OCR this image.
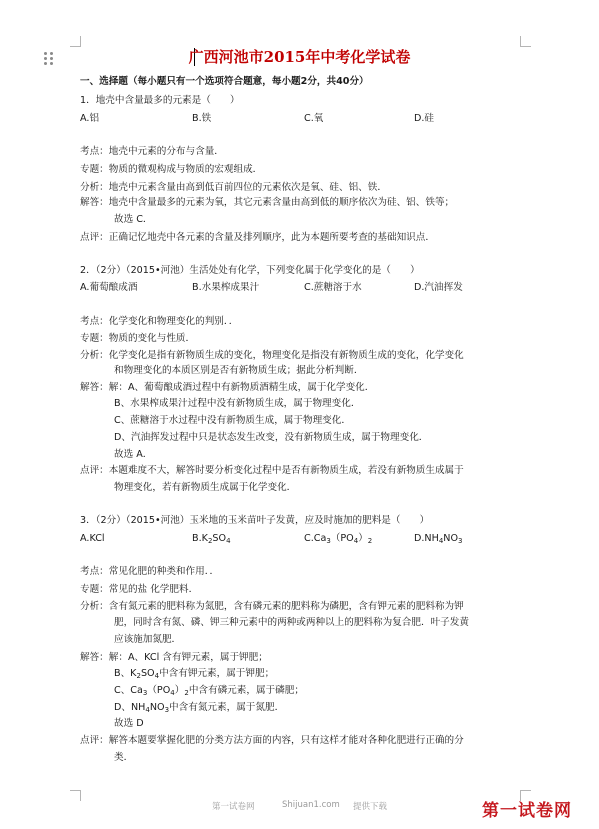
广西河池市2015年中考化学试卷
一、选择题（每小题只有一个选项符合题意，每小题2分，共40分）
1．地壳中含量最多的元素是（　　）
A.铝	B.铁	C.氧	D.硅
考点：地壳中元素的分布与含量．
专题：物质的微观构成与物质的宏观组成．
分析：地壳中元素含量由高到低百前四位的元素依次是氧、硅、铝、铁．
解答：地壳中含量最多的元素为氧，其它元素含量由高到低的顺序依次为硅、铝、铁等；
故选 C．
点评：正确记忆地壳中各元素的含量及排列顺序，此为本题所要考查的基础知识点．
2．（2分）（2015•河池）生活处处有化学，下列变化属于化学变化的是（　　）
A.葡萄酿成酒	B.水果榨成果汁	C.蔗糖溶于水	D.汽油挥发
考点：化学变化和物理变化的判别．．
专题：物质的变化与性质．
分析：化学变化是指有新物质生成的变化，物理变化是指没有新物质生成的变化，化学变化
和物理变化的本质区别是否有新物质生成；据此分析判断．
解答：解：A、葡萄酿成酒过程中有新物质酒精生成，属于化学变化．
B、水果榨成果汁过程中没有新物质生成，属于物理变化．
C、蔗糖溶于水过程中没有新物质生成，属于物理变化．
D、汽油挥发过程中只是状态发生改变，没有新物质生成，属于物理变化．
故选 A．
点评：本题难度不大，解答时要分析变化过程中是否有新物质生成，若没有新物质生成属于
物理变化，若有新物质生成属于化学变化．
3．（2分）（2015•河池）玉米地的玉米苗叶子发黄，应及时施加的肥料是（　　）
A.KCl	$B.K_2SO_4$	$C.Ca_3(PO_4)_2$	$D.NH_4NO_3$
考点：常见化肥的种类和作用．．
专题：常见的盐 化学肥料．
分析：含有氮元素的肥料称为氮肥，含有磷元素的肥料称为磷肥，含有钾元素的肥料称为钾
肥，同时含有氮、磷、钾三种元素中的两种或两种以上的肥料称为复合肥．叶子发黄
应该施加氮肥．
解答：解：A、KCl 含有钾元素，属于钾肥；
B、$K_2SO_4$中含有钾元素，属于钾肥；
C、$Ca_3(PO_4)_2$中含有磷元素，属于磷肥；
D、$NH_4NO_3$中含有氮元素，属于氮肥．
故选 D
点评：解答本题要掌握化肥的分类方法方面的内容，只有这样才能对各种化肥进行正确的分
类．
第一试卷网	Shijuan1.com 提供下载	第一试卷网
